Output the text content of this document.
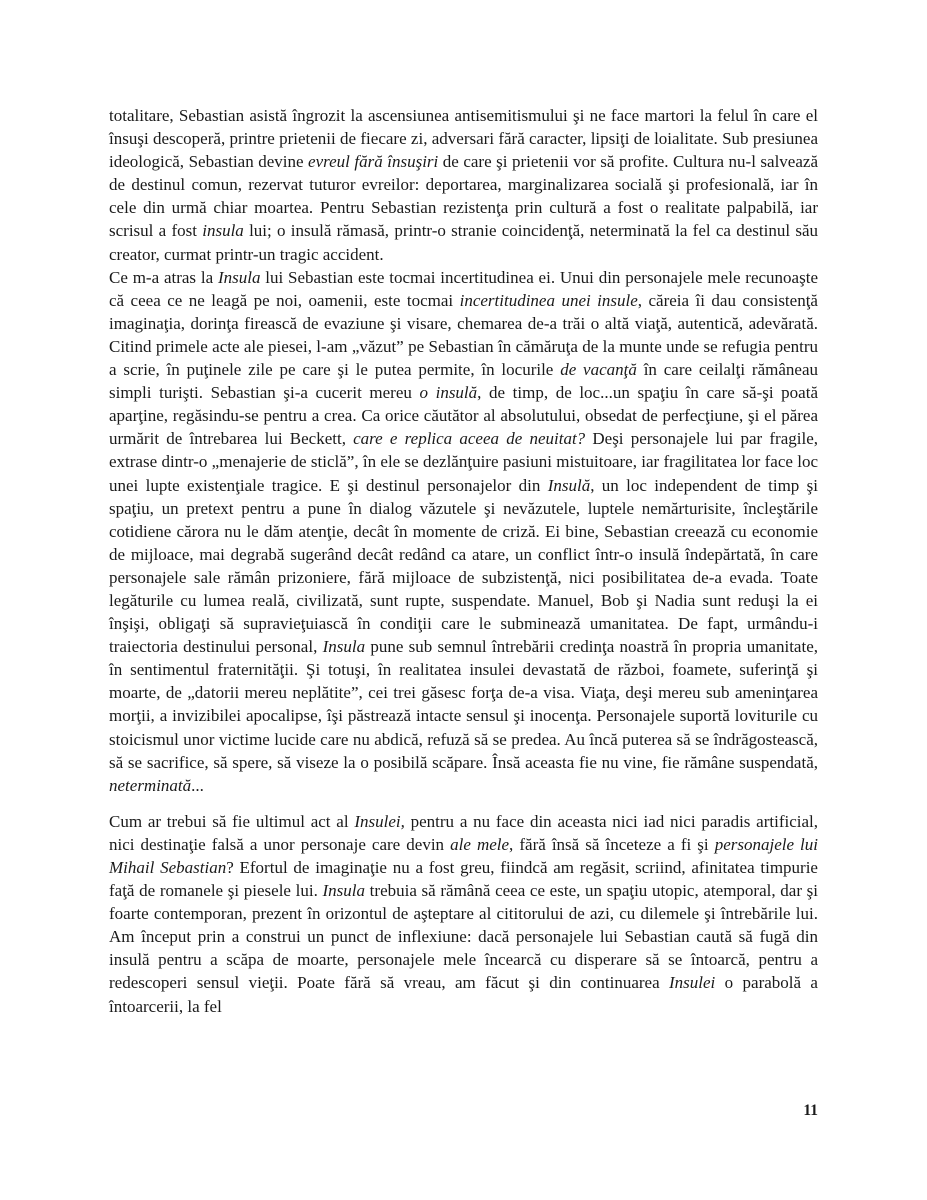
totalitare, Sebastian asistă îngrozit la ascensiunea antisemitismului şi ne face martori la felul în care el însuşi descoperă, printre prietenii de fiecare zi, adversari fără caracter, lipsiţi de loialitate. Sub presiunea ideologică, Sebastian devine evreul fără însuşiri de care şi prietenii vor să profite. Cultura nu-l salvează de destinul comun, rezervat tuturor evreilor: deportarea, marginalizarea socială şi profesională, iar în cele din urmă chiar moartea. Pentru Sebastian rezistenţa prin cultură a fost o realitate palpabilă, iar scrisul a fost insula lui; o insulă rămasă, printr-o stranie coincidenţă, neterminată la fel ca destinul său creator, curmat printr-un tragic accident.

Ce m-a atras la Insula lui Sebastian este tocmai incertitudinea ei. Unui din personajele mele recunoaşte că ceea ce ne leagă pe noi, oamenii, este tocmai incertitudinea unei insule, căreia îi dau consistenţă imaginaţia, dorinţa firească de evaziune şi visare, chemarea de-a trăi o altă viaţă, autentică, adevărată. Citind primele acte ale piesei, l-am „văzut” pe Sebastian în cămăruţa de la munte unde se refugia pentru a scrie, în puţinele zile pe care şi le putea permite, în locurile de vacanţă în care ceilalţi rămâneau simpli turişti. Sebastian şi-a cucerit mereu o insulă, de timp, de loc...un spaţiu în care să-şi poată aparţine, regăsindu-se pentru a crea. Ca orice căutător al absolutului, obsedat de perfecţiune, şi el părea urmărit de întrebarea lui Beckett, care e replica aceea de neuitat? Deşi personajele lui par fragile, extrase dintr-o „menajerie de sticlă”, în ele se dezlănţuire pasiuni mistuitoare, iar fragilitatea lor face loc unei lupte existenţiale tragice. E şi destinul personajelor din Insulă, un loc independent de timp şi spaţiu, un pretext pentru a pune în dialog văzutele şi nevăzutele, luptele nemărturisite, încleştările cotidiene cărora nu le dăm atenţie, decât în momente de criză. Ei bine, Sebastian creează cu economie de mijloace, mai degrabă sugerând decât redând ca atare, un conflict într-o insulă îndepărtată, în care personajele sale rămân prizoniere, fără mijloace de subzistenţă, nici posibilitatea de-a evada. Toate legăturile cu lumea reală, civilizată, sunt rupte, suspendate. Manuel, Bob şi Nadia sunt reduşi la ei înşişi, obligaţi să supravieţuiască în condiţii care le subminează umanitatea. De fapt, urmându-i traiectoria destinului personal, Insula pune sub semnul întrebării credinţa noastră în propria umanitate, în sentimentul fraternităţii. Şi totuşi, în realitatea insulei devastată de război, foamete, suferinţă şi moarte, de „datorii mereu neplătite”, cei trei găsesc forţa de-a visa. Viaţa, deşi mereu sub ameninţarea morţii, a invizibilei apocalipse, îşi păstrează intacte sensul şi inocenţa. Personajele suportă loviturile cu stoicismul unor victime lucide care nu abdică, refuză să se predea. Au încă puterea să se îndrăgostească, să se sacrifice, să spere, să viseze la o posibilă scăpare. Însă aceasta fie nu vine, fie rămâne suspendată, neterminată...

Cum ar trebui să fie ultimul act al Insulei, pentru a nu face din aceasta nici iad nici paradis artificial, nici destinaţie falsă a unor personaje care devin ale mele, fără însă să înceteze a fi şi personajele lui Mihail Sebastian? Efortul de imaginaţie nu a fost greu, fiindcă am regăsit, scriind, afinitatea timpurie faţă de romanele şi piesele lui. Insula trebuia să rămână ceea ce este, un spaţiu utopic, atemporal, dar şi foarte contemporan, prezent în orizontul de aşteptare al cititorului de azi, cu dilemele şi întrebările lui. Am început prin a construi un punct de inflexiune: dacă personajele lui Sebastian caută să fugă din insulă pentru a scăpa de moarte, personajele mele încearcă cu disperare să se întoarcă, pentru a redescoperi sensul vieţii. Poate fără să vreau, am făcut şi din continuarea Insulei o parabolă a întoarcerii, la fel

11
